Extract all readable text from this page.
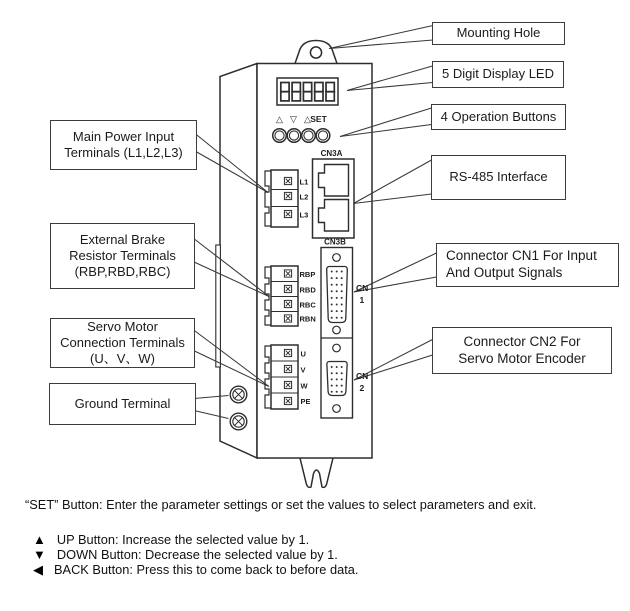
△ ▽ △ SET
CN3A
CN3B
CN
1
CN
2
L1
L2
L3
RBP
RBD
RBC
RBN
U
V
W
PE
Main Power Input
Terminals (L1,L2,L3)
External Brake
Resistor Terminals
(RBP,RBD,RBC)
Servo Motor
Connection Terminals
(U、V、W)
Ground Terminal
Mounting Hole
5 Digit Display LED
4 Operation Buttons
RS-485 Interface
Connector CN1 For Input
And Output Signals
Connector CN2 For
Servo Motor Encoder
“SET” Button: Enter the parameter settings or set the values to select parameters and exit.
▲ UP Button: Increase the selected value by 1.
▼ DOWN Button: Decrease the selected value by 1.
◀ BACK Button: Press this to come back to before data.
